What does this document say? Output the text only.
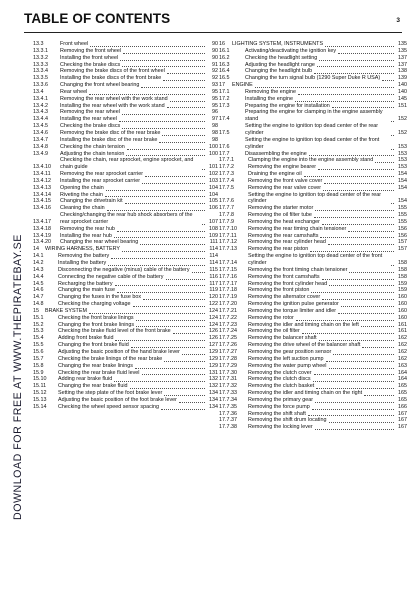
DOWNLOAD FOR FREE AT WWW.THEPIRATEBAY.SE
TABLE OF CONTENTS	3
13.3	Front wheel	90
13.3.1	Removing the front wheel	90
13.3.2	Installing the front wheel	90
13.3.3	Checking the brake discs	91
13.3.4	Removing the brake discs of the front wheel	92
13.3.5	Installing the brake discs of the front brake	92
13.3.6	Changing the front wheel bearing	93
13.4	Rear wheel	95
13.4.1	Removing the rear wheel with the work stand	95
13.4.2	Installing the rear wheel with the work stand	95
13.4.3	Removing the rear wheel	96
13.4.4	Installing the rear wheel	97
13.4.5	Checking the brake discs	98
13.4.6	Removing the brake disc of the rear brake	98
13.4.7	Installing the brake disc of the rear brake	98
13.4.8	Checking the chain tension	100
13.4.9	Adjusting the chain tension	100
13.4.10
Checking the chain, rear sprocket, engine sprocket, and chain guide	101
13.4.11	Removing the rear sprocket carrier	102
13.4.12	Installing the rear sprocket carrier	103
13.4.13	Opening the chain	104
13.4.14	Riveting the chain	104
13.4.15	Changing the drivetrain kit	105
13.4.16	Cleaning the chain	106
13.4.17
Checking/changing the rear hub shock absorbers of the rear sprocket carrier	107
13.4.18	Removing the rear hub	108
13.4.19	Installing the rear hub	109
13.4.20	Changing the rear wheel bearing	111
14	WIRING HARNESS, BATTERY	114
14.1	Removing the battery	114
14.2	Installing the battery	114
14.3	Disconnecting the negative (minus) cable of the battery	115
14.4	Connecting the negative cable of the battery	116
14.5	Recharging the battery	117
14.6	Changing the main fuse	119
14.7	Changing the fuses in the fuse box	120
14.8	Checking the charging voltage	122
15	BRAKE SYSTEM	124
15.1	Checking the front brake linings	124
15.2	Changing the front brake linings	124
15.3	Checking the brake fluid level of the front brake	126
15.4	Adding front brake fluid	126
15.5	Changing the front brake fluid	127
15.6	Adjusting the basic position of the hand brake lever	129
15.7	Checking the brake linings of the rear brake	129
15.8	Changing the rear brake linings	129
15.9	Checking the rear brake fluid level	131
15.10	Adding rear brake fluid	132
15.11	Changing the rear brake fluid	132
15.12	Setting the step plate of the foot brake lever	134
15.13	Adjusting the basic position of the foot brake lever	134
15.14	Checking the wheel speed sensor spacing	134
16	LIGHTING SYSTEM, INSTRUMENTS	135
16.1	Activating/deactivating the ignition key	135
16.2	Checking the headlight setting	137
16.3	Adjusting the headlight range	137
16.4	Changing the headlight bulb	138
16.5	Changing the turn signal bulb (1290 Super Duke R USA)	139
17	ENGINE	140
17.1	Removing the engine	140
17.2	Installing the engine	145
17.3	Preparing the engine for installation	151
17.4
Preparing the engine for clamping in the engine assembly stand	152
17.5
Setting the engine to ignition top dead center of the rear cylinder	152
17.6
Setting the engine to ignition top dead center of the front cylinder	153
17.7	Disassembling the engine	153
17.7.1	Clamping the engine into the engine assembly stand	153
17.7.2	Removing the engine bearer	153
17.7.3	Draining the engine oil	154
17.7.4	Removing the front valve cover	154
17.7.5	Removing the rear valve cover	154
17.7.6
Setting the engine to ignition top dead center of the rear cylinder	154
17.7.7	Removing the starter motor	155
17.7.8	Removing the oil filter tube	155
17.7.9	Removing the heat exchanger	155
17.7.10	Removing the rear timing chain tensioner	156
17.7.11	Removing the rear camshafts	156
17.7.12	Removing the rear cylinder head	157
17.7.13	Removing the rear piston	157
17.7.14
Setting the engine to ignition top dead center of the front cylinder	158
17.7.15	Removing the front timing chain tensioner	158
17.7.16	Removing the front camshafts	158
17.7.17	Removing the front cylinder head	159
17.7.18	Removing the front piston	159
17.7.19	Removing the alternator cover	160
17.7.20	Removing the ignition pulse generator	160
17.7.21	Removing the torque limiter and idler	160
17.7.22	Removing the rotor	160
17.7.23	Removing the idler and timing chain on the left	161
17.7.24	Removing the oil filter	161
17.7.25	Removing the balancer shaft	162
17.7.26	Removing the drive wheel of the balancer shaft	162
17.7.27	Removing the gear position sensor	162
17.7.28	Removing the left suction pump	162
17.7.29	Removing the water pump wheel	163
17.7.30	Removing the clutch cover	164
17.7.31	Removing the clutch discs	164
17.7.32	Removing the clutch basket	165
17.7.33	Removing the idler and timing chain on the right	165
17.7.34	Removing the primary gear	165
17.7.35	Removing the force pump	166
17.7.36	Removing the shift shaft	167
17.7.37	Removing the shift drum locating	167
17.7.38	Removing the locking lever	167
